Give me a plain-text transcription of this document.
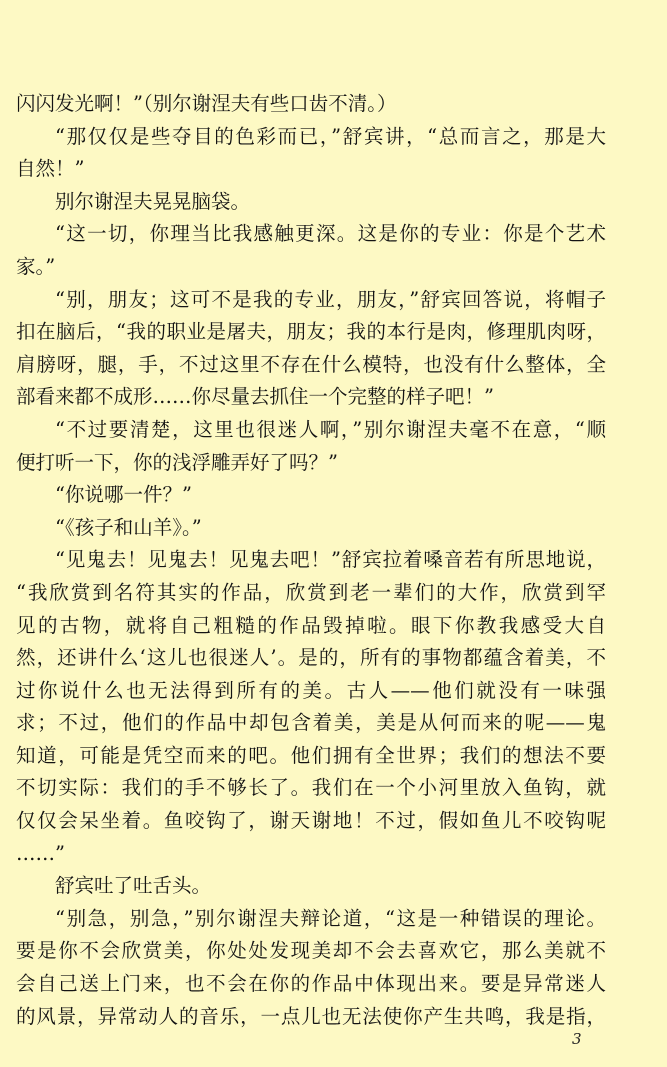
闪闪发光啊！”（别尔谢涅夫有些口齿不清。）
“那仅仅是些夺目的色彩而已，”舒宾讲，“总而言之，那是大
自然！”
别尔谢涅夫晃晃脑袋。
“这一切，你理当比我感触更深。这是你的专业：你是个艺术
家。”
“别，朋友；这可不是我的专业，朋友，”舒宾回答说，将帽子
扣在脑后，“我的职业是屠夫，朋友；我的本行是肉，修理肌肉呀，
肩膀呀，腿，手，不过这里不存在什么模特，也没有什么整体，全
部看来都不成形……你尽量去抓住一个完整的样子吧！”
“不过要清楚，这里也很迷人啊，”别尔谢涅夫毫不在意，“顺
便打听一下，你的浅浮雕弄好了吗？”
“你说哪一件？”
“《孩子和山羊》。”
“见鬼去！见鬼去！见鬼去吧！”舒宾拉着嗓音若有所思地说，
“我欣赏到名符其实的作品，欣赏到老一辈们的大作，欣赏到罕
见的古物，就将自己粗糙的作品毁掉啦。眼下你教我感受大自
然，还讲什么‘这儿也很迷人’。是的，所有的事物都蕴含着美，不
过你说什么也无法得到所有的美。古人——他们就没有一味强
求；不过，他们的作品中却包含着美，美是从何而来的呢——鬼
知道，可能是凭空而来的吧。他们拥有全世界；我们的想法不要
不切实际：我们的手不够长了。我们在一个小河里放入鱼钩，就
仅仅会呆坐着。鱼咬钩了，谢天谢地！不过，假如鱼儿不咬钩呢
……”
舒宾吐了吐舌头。
“别急，别急，”别尔谢涅夫辩论道，“这是一种错误的理论。
要是你不会欣赏美，你处处发现美却不会去喜欢它，那么美就不
会自己送上门来，也不会在你的作品中体现出来。要是异常迷人
的风景，异常动人的音乐，一点儿也无法使你产生共鸣，我是指，
3
